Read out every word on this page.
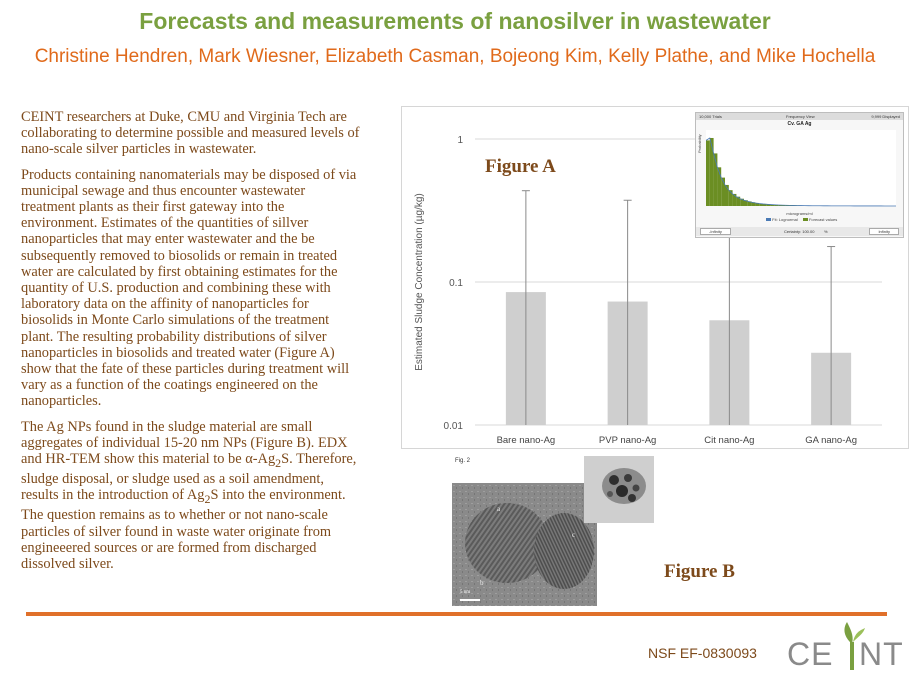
Forecasts and measurements of nanosilver in wastewater
Christine Hendren, Mark Wiesner, Elizabeth Casman, Bojeong Kim, Kelly Plathe, and Mike Hochella

CEINT researchers at Duke, CMU and Virginia Tech are collaborating to determine possible and measured levels of nano-scale silver particles in wastewater.

Products containing nanomaterials may be disposed of via municipal sewage and thus encounter wastewater treatment plants as their first gateway into the environment. Estimates of the quantities of sillver nanoparticles that may enter wastewater and the be subsequently removed to biosolids or remain in treated water are calculated by first obtaining estimates for the quantity of U.S. production and combining these with laboratory data on the affinity of nanoparticles for biosolids in Monte Carlo simulations of the treatment plant. The resulting probability distributions of silver nanoparticles in biosolids and treated water (Figure A) show that the fate of these particles during treatment will vary as a function of the coatings engineered on the nanoparticles.

The Ag NPs found in the sludge material are small aggregates of individual 15-20 nm NPs (Figure B). EDX and HR-TEM show this material to be $\alpha-Ag_2S$. Therefore, sludge disposal, or sludge used as a soil amendment, results in the introduction of $Ag_2S$ into the environment. The question remains as to whether or not nano-scale particles of silver found in waste water originate from engineeered sources or are formed from discharged dissolved silver.

1
0.1
0.01
Estimated Sludge Concentration (µg/kg)
Bare nano-Ag	PVP nano-Ag	Cit nano-Ag	GA nano-Ag
Figure A
10,000 Trials	Frequency View	9,999 Displayed
Cv. GA Ag
Probability
micrograms/ml
Fit: Lognormal	Forecast values
-Infinity	Certainty: 100.00 %	Infinity
Fig. 2
a
b
c
5 nm
Figure B
NSF EF-0830093 CE NT
